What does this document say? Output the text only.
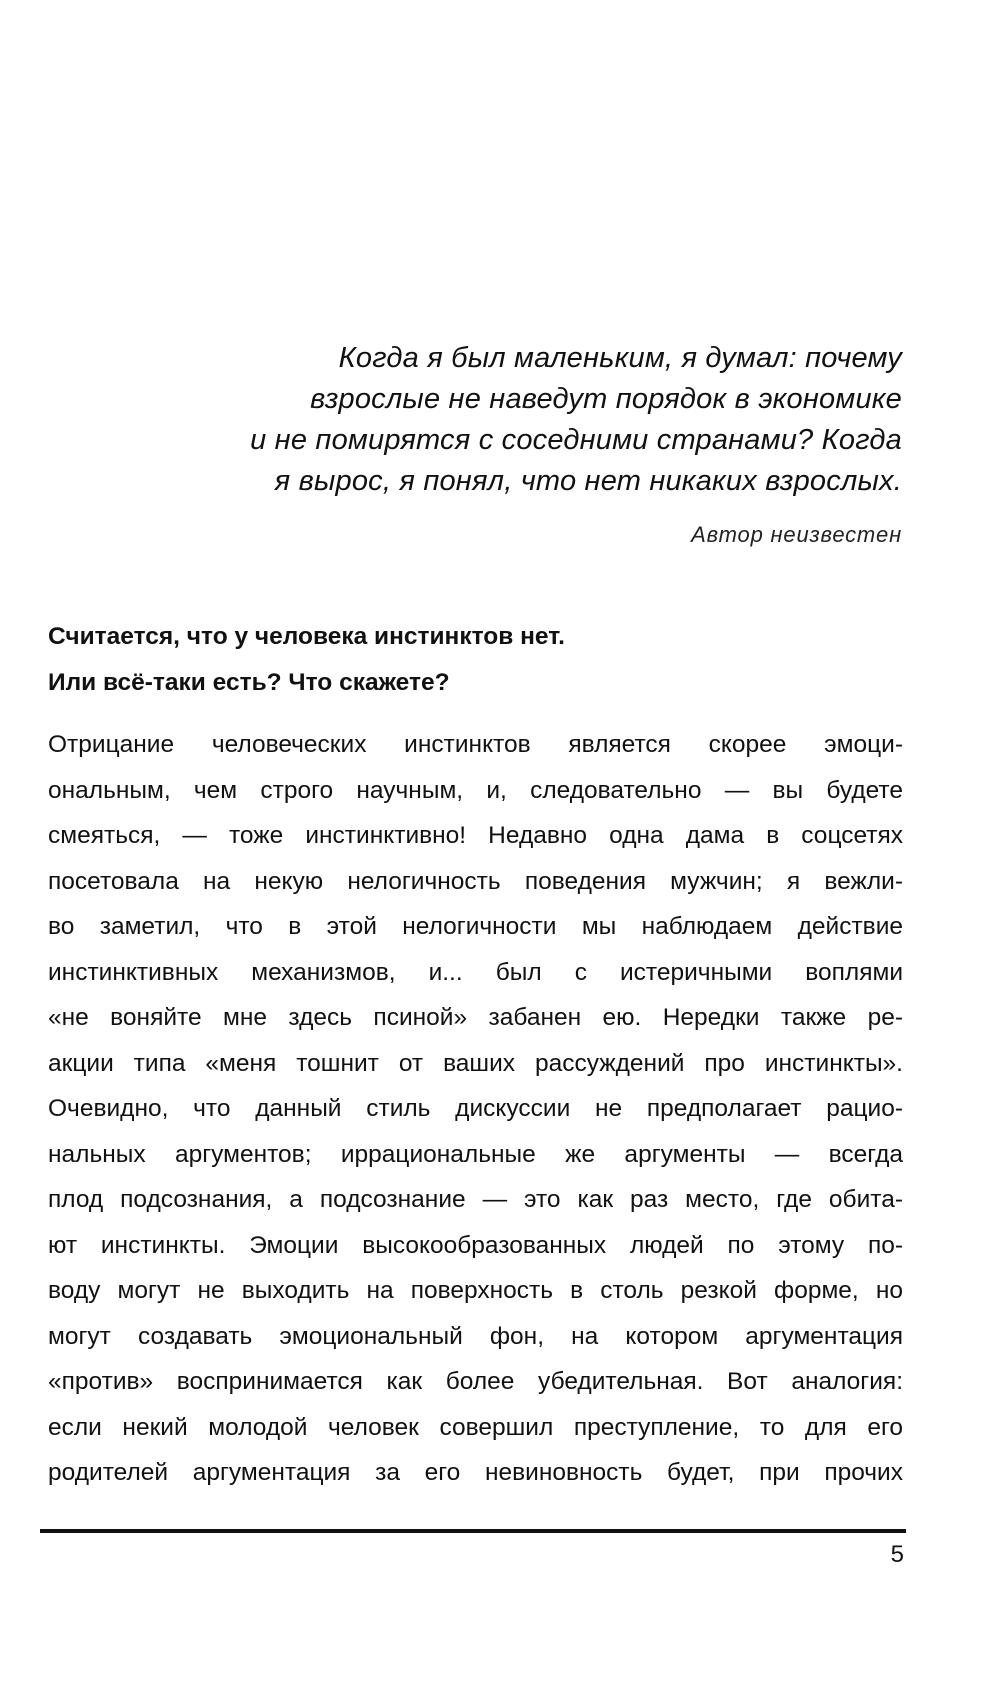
Когда я был маленьким, я думал: почему
взрослые не наведут порядок в экономике
и не помирятся с соседними странами? Когда
я вырос, я понял, что нет никаких взрослых.
Автор неизвестен
Считается, что у человека инстинктов нет.
Или всё-таки есть? Что скажете?
Отрицание человеческих инстинктов является скорее эмоци-
ональным, чем строго научным, и, следовательно — вы будете
смеяться, — тоже инстинктивно! Недавно одна дама в соцсетях
посетовала на некую нелогичность поведения мужчин; я вежли-
во заметил, что в этой нелогичности мы наблюдаем действие
инстинктивных механизмов, и... был с истеричными воплями
«не воняйте мне здесь псиной» забанен ею. Нередки также ре-
акции типа «меня тошнит от ваших рассуждений про инстинкты».
Очевидно, что данный стиль дискуссии не предполагает рацио-
нальных аргументов; иррациональные же аргументы — всегда
плод подсознания, а подсознание — это как раз место, где обита-
ют инстинкты. Эмоции высокообразованных людей по этому по-
воду могут не выходить на поверхность в столь резкой форме, но
могут создавать эмоциональный фон, на котором аргументация
«против» воспринимается как более убедительная. Вот аналогия:
если некий молодой человек совершил преступление, то для его
родителей аргументация за его невиновность будет, при прочих
5
